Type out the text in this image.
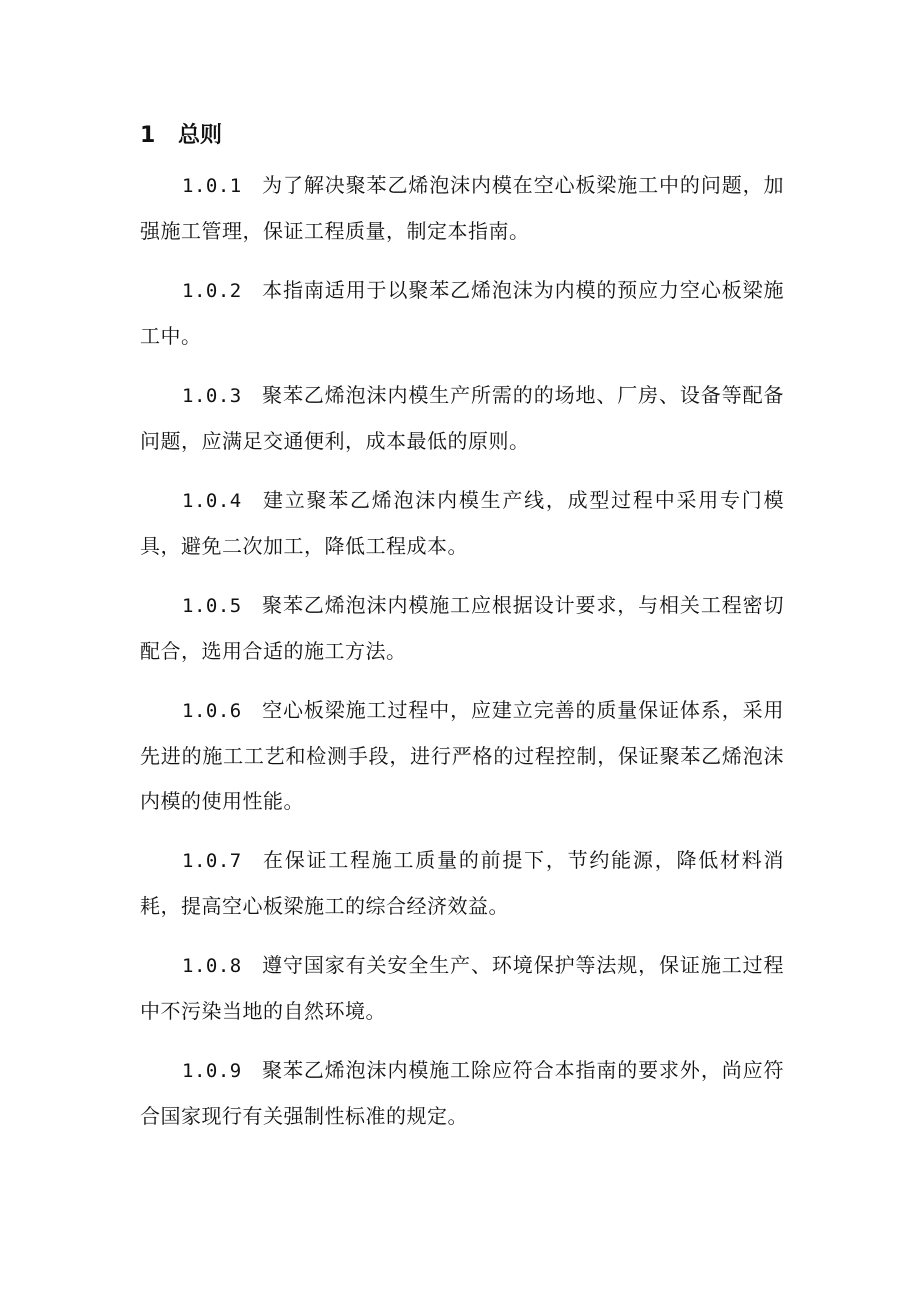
1 总则

1.0.1 为了解决聚苯乙烯泡沫内模在空心板梁施工中的问题，加强施工管理，保证工程质量，制定本指南。

1.0.2 本指南适用于以聚苯乙烯泡沫为内模的预应力空心板梁施工中。

1.0.3 聚苯乙烯泡沫内模生产所需的的场地、厂房、设备等配备问题，应满足交通便利，成本最低的原则。

1.0.4 建立聚苯乙烯泡沫内模生产线，成型过程中采用专门模具，避免二次加工，降低工程成本。

1.0.5 聚苯乙烯泡沫内模施工应根据设计要求，与相关工程密切配合，选用合适的施工方法。

1.0.6 空心板梁施工过程中，应建立完善的质量保证体系，采用先进的施工工艺和检测手段，进行严格的过程控制，保证聚苯乙烯泡沫内模的使用性能。

1.0.7 在保证工程施工质量的前提下，节约能源，降低材料消耗，提高空心板梁施工的综合经济效益。

1.0.8 遵守国家有关安全生产、环境保护等法规，保证施工过程中不污染当地的自然环境。

1.0.9 聚苯乙烯泡沫内模施工除应符合本指南的要求外，尚应符合国家现行有关强制性标准的规定。
